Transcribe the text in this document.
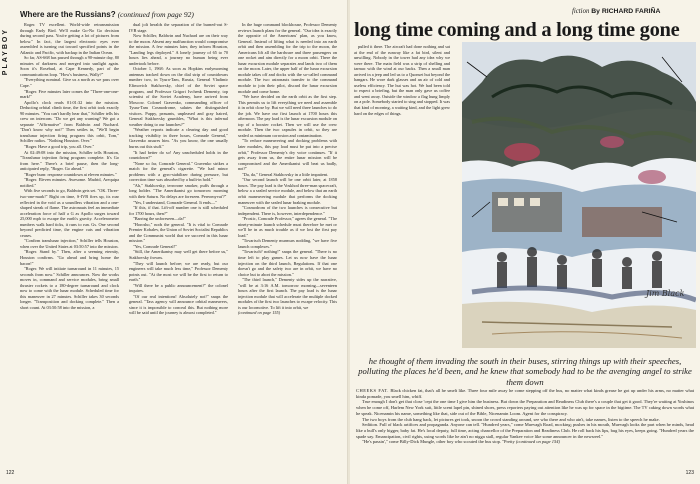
PLAYBOY
Where are the Russians? (continued from page 92)

Roger. TV excellent. World-wide retransmission through Early Bird. We'll make Go-No Go decision during second pass. You're getting a lot of pictures from below." In fact, the largest electronic eyes ever assembled is turning out toward specified points in the Atlantic and Pacific, with backup in the Indian Ocean.

So far, AS-668 has passed through a 90-minute day, 80 minutes of darkness and merged into sunlight again. Soon it's Rosebud, at Cape Kennedy, part of the communications loop. "How's business, Wally?"

"Everything nominal. Give us a north as we pass over Cape."

"Roger. Five minutes later comes the "Three-one-one-mark!"

Apollo's clock reads 01:01:32 into the mission. Deducting orbital climb time, the first orbit took exactly 90 minutes. "You can't hardly hear that," Schiller tells his crew on intercom. "Do we get any warning? We got a separate "Affirmative" from Baldwin and Nuchard. "Don't know why not!" Then settles in, "We'll begin translunar injection firing program this orbit, Tom," Schiller radios. "Nothing Houston. Over."

"Roger. Have a good trip, you all. Over."

At 02:49:08 into the mission, Schiller tells Houston, "Translunar injection firing program complete. It's Go from here." There's a brief pause, then the long-anticipated reply, "Roger. Go ahead."

"Roger burn: response countdown at eleven minutes."

"Roger. Eleven minutes. Awesome. Madrid, Arequipa notified."

With five seconds to go, Baldwin gets set. "OK. Three-two-one-mark!" Right on time, S-IVB fires up, its roar reflected in the void as a soundless vibration and a one-shaped streak of flame. The astronauts feel an immediate acceleration force of half a G as Apollo surges toward 25,000 mph to escape the earth's gravity. Accelerometer numbers walk hard ticks, it runs to run. Gs. One second beyond predicted time, the engine cuts and vibration ceases.

"Confirm translunar injection," Schiller tells Houston, when over the United States at 03:50:57 into the mission.

"Roger. Stand by." Then, after a seeming eternity, Houston confirms. "Go ahead and bring home the bacon!"

"Roger. We will initiate turnaround in 11 minutes, 15 seconds from now." Schiller announces. Now the works moves in, command and service modules, bring small thruster rockets to a 180-degree turnaround and clock now to come with the lunar module. Scheduled time for this maneuver in 27 minutes. Schiller takes 30 seconds longer. "Transposition and docking complete." Then a short count. At 03:50:58 into the mission, a

dual jolt heralds the separation of the burned-out S-IVB stage.

Now Schiller, Baldwin and Nuchard are on their way to the moon. Absent any malfunction would compromise the mission. A few minutes later, they inform Houston, "Landing legs deployed." A lonely journey of 65 to 70 hours lies ahead, a journey no human being ever undertook before.

October 1, 1968: As soon as Hopkins earlymorning antennas tracked down on the dial strip of countdowns number two, in Tyura-Tam, Russia, General Vladimir Efimovich Stakhovsky, chief of the Soviet space program, and Professor Grigori Ivchenk Dementy, top scientist of the Soviet Academy, have arrived from Moscow. Colonel Gravenko, commanding officer of Tyura-Tam Cosmodrome, salutes the distinguished visitors. Puppy, peasants, unpleased and gray haired, General Stakhovsky grumbles, "What is this infernal weather doing to our launches?"

"Weather reports indicate a clearing day and good tracking visibility in three hours, Comrade General," Gravenko assures him. "As you know, the one usually burns out this stuff."

"It had better do so! Any unscheduled holds in the countdown?"

"None so far, Comrade General." Gravenko strikes a match for the general's cigarette. "We had minor problems with a gyro-stabilizer during pressure, but correction time was absorbed by a built-in hold."

"Ah," Stakhovsky, terrorone smoker, puffs through a long holder. "The Amerikantsi go tomorrow morning with their Saturn. No delays are foreseen. Pereomyvat'?"

"Yes, I understand, Comrade General. It ends—"

"If this, if that. Lift-off number one is still scheduled for 1700 hours, then?"

"Barring the unforeseen—da!"

"Horosho," nods the general. "It is vital to Comrade Premier Kobalev, the Union of Soviet Socialist Republics and the Communist world that we succeed in this lunar mission."

"Yes, Comrade General!"

"Still, the Amerikantsy may well get there before us," Stakhovsky frowns.

"They will launch before; we are ready, but our engineers will take much less time," Professor Dementy points out. "At the most we will be the first to return to earth."

"Will there be a public announcement?" the colonel inquires.

"Of our real intentions! Absolutely not!" snaps the general. "Tass agency will announce orbital maneuvers, since it is impossible to conceal this. But nothing more will be said until the journey is almost completed."

In the huge command blockhouse, Professor Dementy reviews launch plans for the general. "Our idea is exactly the opposite of the Americans' plan, as you know, General. Instead of lifting what is needed into an earth orbit and then assembling for the trip to the moon, the Americans lift all the hardware and three passengers on one rocket and aim directly for a moon orbit. There the lunar excursion module separates and lands two of them on the moon. Later, the upper half of the lunar excursion module takes off and docks with the so-called command module. The two astronauts transfer to the command module to join their pilot, discard the lunar excursion module and come home.

"We have decided on the earth orbit as the first step. This permits us to lift everything we need and assemble it in orbit close by. But we will need three launches to do the job. We have our first launch at 1700 hours this afternoon. The pay load is the lunar excursion module on top of a booster rocket. Then we will use the crew module. Then the two capsules in orbit, so they are sealed as minimum corrosion and contamination.

"To reduce maneuvering and docking problems with later modules, this pay load must be put into a precise orbit," Professor Dementy's dry voice continues. "If it gets away from us, the entire lunar mission will be compromised and the Amerikantsi will beat us badly, not?"

"Da, da," General Stakhovsky in a little impatient.

"Our second launch will be one orbit later, at 1858 hours. The pay load is the Voskhod three-man spacecraft, below a a sealed service module, and below that an earth orbit maneuvering module that performs the docking maneuver with the sealed lunar braking module.

"Cosmodrom of the two launches is consecutive but independent. There is, however, interdependence."

"Prostic, Comrade Professor," agrees the general. "The ninety-minute launch schedule must therefore be met or we'll be in as much trouble as if we lost the first pay load."

"Tovarisch Dementy murmurs nodding, "we have five launch complexes."

"Tovarisch? nothing!" snaps the general. "There is no time left to play games. Let us now have the lunar injection on the third launch, Regulations. If that one doesn't go and the safety two are in orbit, we have no choice but to abort the mission."

"The third launch," Dementy sides up the narrative, "will be at 3:16 A.M. tomorrow morning—seventeen hours after the first launch. The pay load is the lunar injection module that will accelerate the multiple docked modules of the first two launches to escape velocity. This is our locomotive. To lift it into orbit, we

(continued on page 155)
122
fiction By RICHARD FARIÑA
long time coming and a long time gone

pulled it there. The aircraft had done nothing and sat at the end of the runway like a fat bird, silent and unwilling. Nobody in the tower had any idea why we were there. The main field was a strip of shelling and tarmac with the wind at our backs. Then a small man arrived in a jeep and led us to a Quonset hut beyond the hangars. He wore dark glasses and an air of cold and useless efficiency. The hut was hot. We had been told to expect a briefing, but the man only gave us coffee and went away. Outside the window a flag hung limply on a pole. Somebody started to sing and stopped. It was that kind of morning, a waiting kind, and the light grew hard on the edges of things.

Jim Black
he thought of them invading the south in their buses, stirring things up with their speeches, polluting the places he'd been, and he knew that somebody had to be the avenging angel to strike them down

CHEEKS FAT. Black chicken fat, that's all he smelt like. Three four mile away he come stepping off the bus, no matter what kinds grease he got up under his arms, no matter what kinda pomade, you smell him, whiff.

True enough I don't get that close 'cept the one time I give him the business. But down the Preparation and Readiness Club there's a couple that get it good. They're waiting at Yoshinos when he come off, Harlem New York suit, little scent lapel pin, shined shoes, press reporters paying out attention like he was up for space in the bigtime. The TV caking down words what he speak. Nicenamin his name, something like that, side out of the Bible, Nicenamin Loom. Agent for the conspiracy.

The two boys from the club hang back, let pictures get took, snoon the crowd standing around, see who there and who ain't, take names, listen to the speech he make.

Sedition. Full of black artifices and propaganda. Anyone can tell. "Hundred years," come Muevagh Road, mocking; pushes in his mouth, Muevagh looks the part when he minds, head like a bull's only bigger, baby fat. He's local deputy, full time, acting chancellor of the Preparation and Readiness Club. He roll back his lips, bug his eyes, keeps going. "Hundred years the spade say. Emancipation, civil rights, using words like he ain't no nigga stall, regular Yankee voice like some announcer in the newsreel."

"He's passin'," come Billy-Dick Mungle, other boy who scouted the bus stop. "Pretty (continued on page 154)

123
